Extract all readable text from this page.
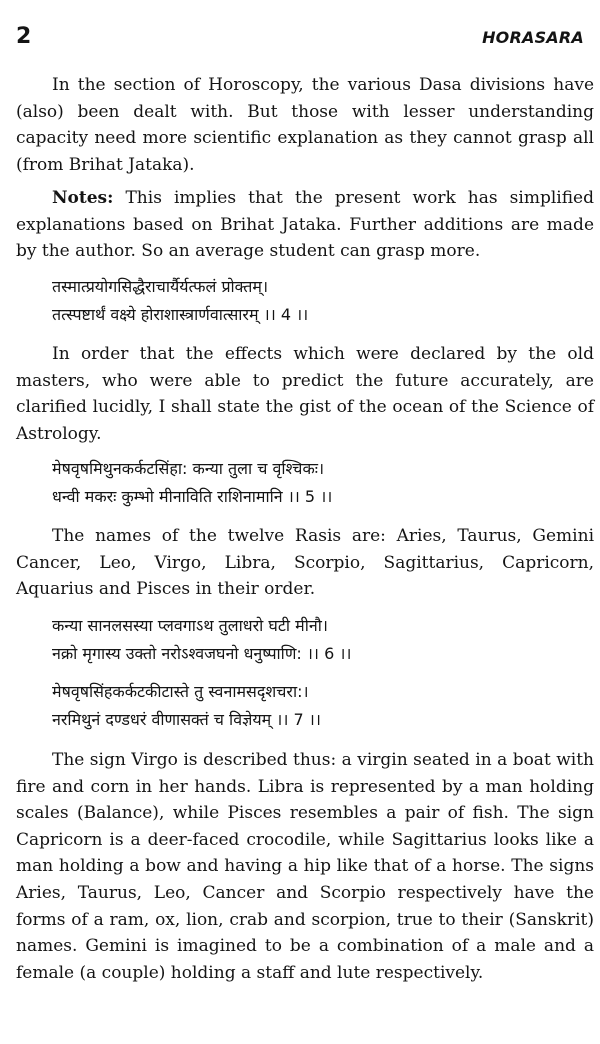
2	HORASARA

In the section of Horoscopy, the various Dasa divisions have (also) been dealt with. But those with lesser understanding capacity need more scientific explanation as they cannot grasp all (from Brihat Jataka).

Notes: This implies that the present work has simplified explanations based on Brihat Jataka. Further additions are made by the author. So an average student can grasp more.

तस्मात्प्रयोगसिद्धैराचार्यैर्यत्फलं प्रोक्तम्।
तत्स्पष्टार्थं वक्ष्ये होराशास्त्रार्णवात्सारम् ।। 4 ।।

In order that the effects which were declared by the old masters, who were able to predict the future accurately, are clarified lucidly, I shall state the gist of the ocean of the Science of Astrology.

मेषवृषमिथुनकर्कटसिंहा: कन्या तुला च वृश्चिकः।
धन्वी मकरः कुम्भो मीनाविति राशिनामानि ।। 5 ।।

The names of the twelve Rasis are: Aries, Taurus, Gemini Cancer, Leo, Virgo, Libra, Scorpio, Sagittarius, Capricorn, Aquarius and Pisces in their order.

कन्या सानलसस्या प्लवगाऽथ तुलाधरो घटी मीनौ।
नक्रो मृगास्य उक्तो नरोऽश्वजघनो धनुष्पाणि: ।। 6 ।।
मेषवृषसिंहकर्कटकीटास्ते तु स्वनामसदृशचरा:।
नरमिथुनं दण्डधरं वीणासक्तं च विज्ञेयम् ।। 7 ।।

The sign Virgo is described thus: a virgin seated in a boat with fire and corn in her hands. Libra is represented by a man holding scales (Balance), while Pisces resembles a pair of fish. The sign Capricorn is a deer-faced crocodile, while Sagittarius looks like a man holding a bow and having a hip like that of a horse. The signs Aries, Taurus, Leo, Cancer and Scorpio respectively have the forms of a ram, ox, lion, crab and scorpion, true to their (Sanskrit) names. Gemini is imagined to be a combination of a male and a female (a couple) holding a staff and lute respectively.
